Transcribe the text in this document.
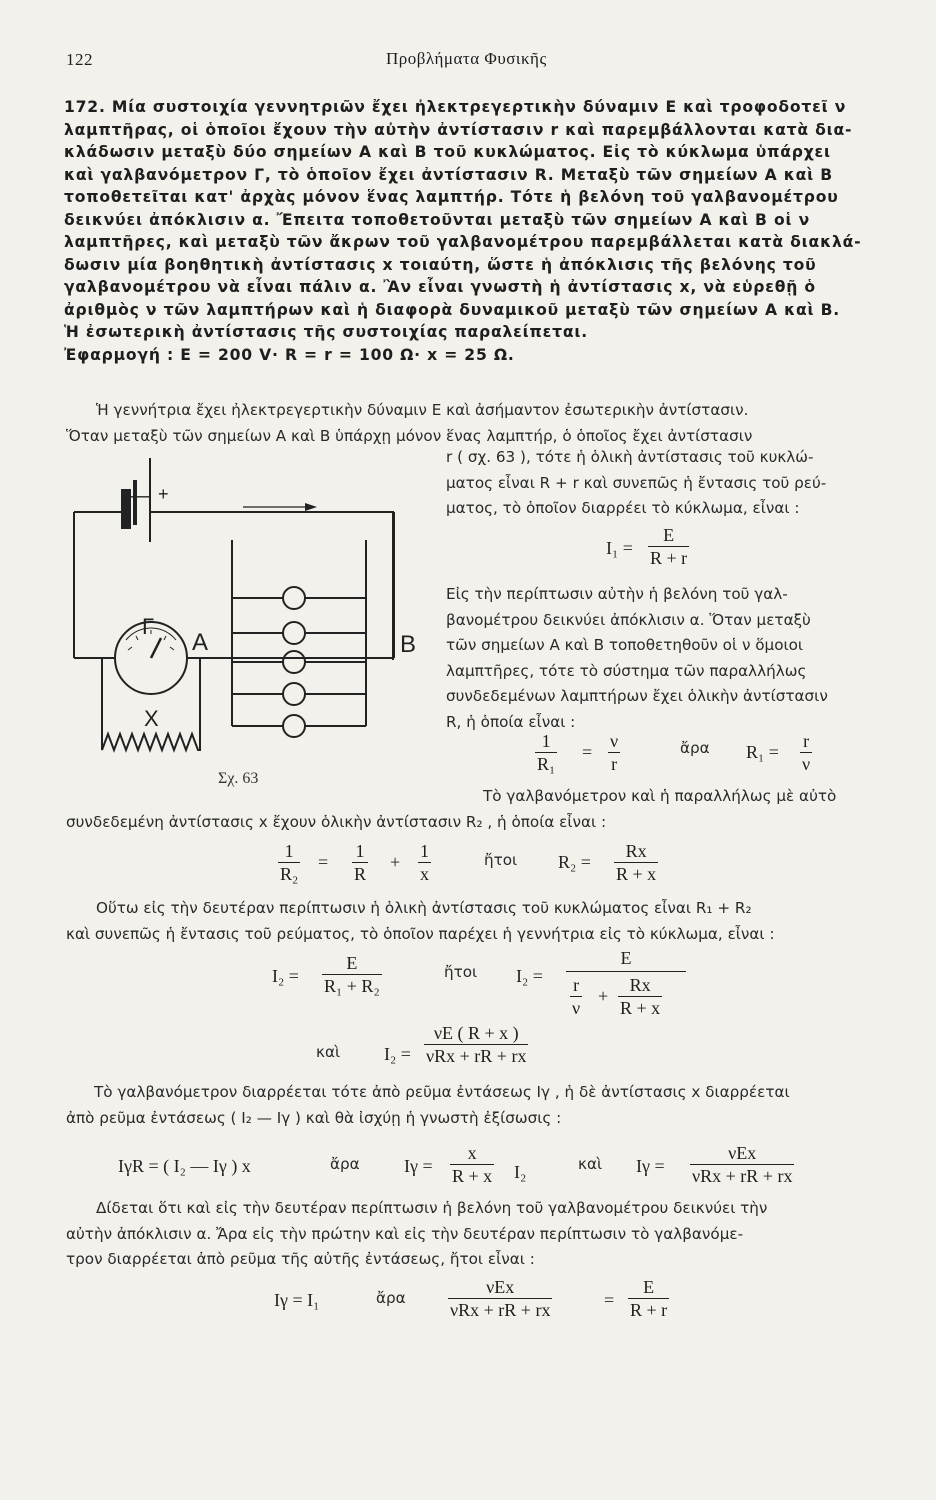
122	Προβλήματα Φυσικῆς
172. Μία συστοιχία γεννητριῶν ἔχει ἠλεκτρεγερτικὴν δύναμιν Ε καὶ τροφοδοτεῖ ν
λαμπτῆρας, οἱ ὁποῖοι ἔχουν τὴν αὐτὴν ἀντίστασιν r καὶ παρεμβάλλονται κατὰ δια-
κλάδωσιν μεταξὺ δύο σημείων Α καὶ Β τοῦ κυκλώματος. Εἰς τὸ κύκλωμα ὑπάρχει
καὶ γαλβανόμετρον Γ, τὸ ὁποῖον ἔχει ἀντίστασιν R. Μεταξὺ τῶν σημείων Α καὶ Β
τοποθετεῖται κατ' ἀρχὰς μόνον ἕνας λαμπτήρ. Τότε ἡ βελόνη τοῦ γαλβανομέτρου
δεικνύει ἀπόκλισιν α. Ἔπειτα τοποθετοῦνται μεταξὺ τῶν σημείων Α καὶ Β οἱ ν
λαμπτῆρες, καὶ μεταξὺ τῶν ἄκρων τοῦ γαλβανομέτρου παρεμβάλλεται κατὰ διακλά-
δωσιν μία βοηθητικὴ ἀντίστασις x τοιαύτη, ὥστε ἡ ἀπόκλισις τῆς βελόνης τοῦ
γαλβανομέτρου νὰ εἶναι πάλιν α. Ἂν εἶναι γνωστὴ ἡ ἀντίστασις x, νὰ εὑρεθῇ ὁ
ἀριθμὸς ν τῶν λαμπτήρων καὶ ἡ διαφορὰ δυναμικοῦ μεταξὺ τῶν σημείων Α καὶ Β.
Ἡ ἐσωτερικὴ ἀντίστασις τῆς συστοιχίας παραλείπεται.
Ἐφαρμογή : E = 200 V· R = r = 100 Ω· x = 25 Ω.
Ἡ γεννήτρια ἔχει ἠλεκτρεγερτικὴν δύναμιν Ε καὶ ἀσήμαντον ἐσωτερικὴν ἀντίστασιν.
Ὅταν μεταξὺ τῶν σημείων Α καὶ Β ὑπάρχῃ μόνον ἕνας λαμπτήρ, ὁ ὁποῖος ἔχει ἀντίστασιν
r ( σχ. 63 ), τότε ἡ ὁλικὴ ἀντίστασις τοῦ κυκλώ-
ματος εἶναι R + r καὶ συνεπῶς ἡ ἔντασις τοῦ ρεύ-
ματος, τὸ ὁποῖον διαρρέει τὸ κύκλωμα, εἶναι :
— +
Γ
Α	Β
X
Σχ. 63
$I_1 = \frac{E}{R + r}$
Εἰς τὴν περίπτωσιν αὐτὴν ἡ βελόνη τοῦ γαλ-
βανομέτρου δεικνύει ἀπόκλισιν α. Ὅταν μεταξὺ
τῶν σημείων Α καὶ Β τοποθετηθοῦν οἱ ν ὅμοιοι
λαμπτῆρες, τότε τὸ σύστημα τῶν παραλλήλως
συνδεδεμένων λαμπτήρων ἔχει ὁλικὴν ἀντίστασιν
R, ἡ ὁποία εἶναι :
$\frac{1}{\text{R₁}} = \frac{\nu}{r}$	ἄρα $R_1 = \frac{r}{\nu}$
Τὸ γαλβανόμετρον καὶ ἡ παραλλήλως μὲ αὐτὸ
συνδεδεμένη ἀντίστασις x ἔχουν ὁλικὴν ἀντίστασιν R₂ , ἡ ὁποία εἶναι :
$\frac{1}{\text{R₂}} = \frac{1}{R} + \frac{1}{x}$	ἤτοι $R_2 = \frac{Rx}{R + x}$
Οὕτω εἰς τὴν δευτέραν περίπτωσιν ἡ ὁλικὴ ἀντίστασις τοῦ κυκλώματος εἶναι R₁ + R₂
καὶ συνεπῶς ἡ ἔντασις τοῦ ρεύματος, τὸ ὁποῖον παρέχει ἡ γεννήτρια εἰς τὸ κύκλωμα, εἶναι :
$I_2 = \frac{E}{\text{R₁ + R₂}}$	ἤτοι I₂ =
E
$\frac{r}{\nu} + \frac{Rx}{R + x}$
καὶ I₂ =
νE ( R + x )
νRx + rR + rx
Τὸ γαλβανόμετρον διαρρέεται τότε ἀπὸ ρεῦμα ἐντάσεως Iγ , ἡ δὲ ἀντίστασις x διαρρέεται
ἀπὸ ρεῦμα ἐντάσεως ( I₂ — Iγ ) καὶ θὰ ἰσχύῃ ἡ γνωστὴ ἐξίσωσις :
IγR = ( I₂ — Iγ ) x	ἄρα $I\gamma = \frac{x}{R + x} I_2$	καὶ Iγ =
νEx
νRx + rR + rx
Δίδεται ὅτι καὶ εἰς τὴν δευτέραν περίπτωσιν ἡ βελόνη τοῦ γαλβανομέτρου δεικνύει τὴν
αὐτὴν ἀπόκλισιν α. Ἄρα εἰς τὴν πρώτην καὶ εἰς τὴν δευτέραν περίπτωσιν τὸ γαλβανόμε-
τρον διαρρέεται ἀπὸ ρεῦμα τῆς αὐτῆς ἐντάσεως, ἤτοι εἶναι :
Iγ = I₁	ἄρα
νEx
νRx + rR + rx	= $\frac{E}{R + r}$
